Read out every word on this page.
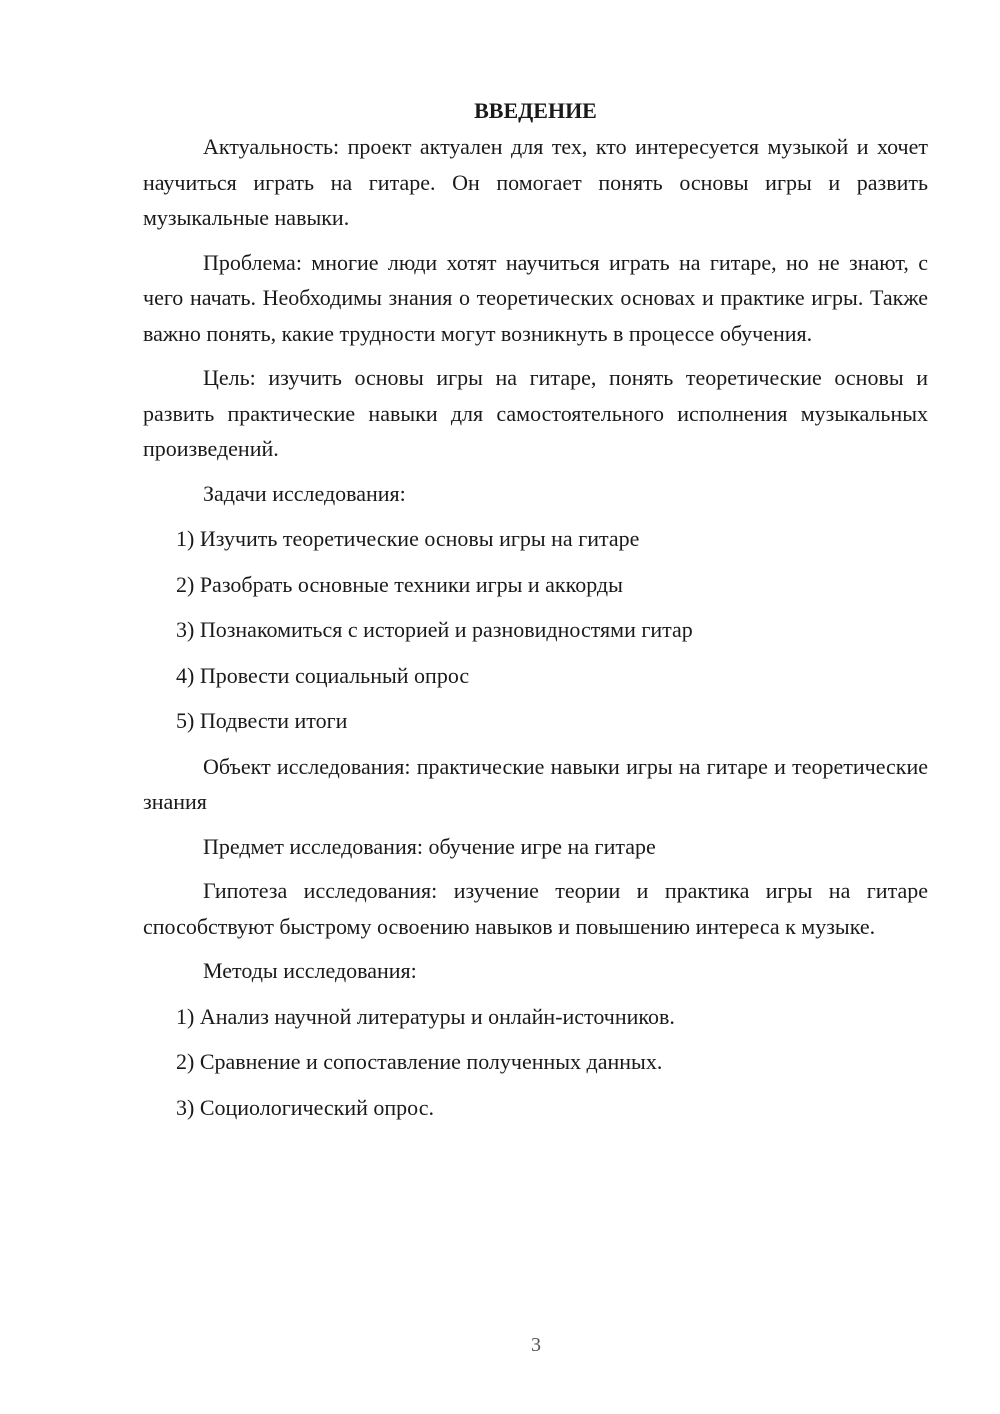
ВВЕДЕНИЕ

Актуальность: проект актуален для тех, кто интересуется музыкой и хочет научиться играть на гитаре. Он помогает понять основы игры и развить музыкальные навыки.

Проблема: многие люди хотят научиться играть на гитаре, но не знают, с чего начать. Необходимы знания о теоретических основах и практике игры. Также важно понять, какие трудности могут возникнуть в процессе обучения.

Цель: изучить основы игры на гитаре, понять теоретические основы и развить практические навыки для самостоятельного исполнения музыкальных произведений.

Задачи исследования:
1) Изучить теоретические основы игры на гитаре
2) Разобрать основные техники игры и аккорды
3) Познакомиться с историей и разновидностями гитар
4) Провести социальный опрос
5) Подвести итоги

Объект исследования: практические навыки игры на гитаре и теоретические знания

Предмет исследования: обучение игре на гитаре

Гипотеза исследования: изучение теории и практика игры на гитаре способствуют быстрому освоению навыков и повышению интереса к музыке.

Методы исследования:
1) Анализ научной литературы и онлайн-источников.
2) Сравнение и сопоставление полученных данных.
3) Социологический опрос.
3
